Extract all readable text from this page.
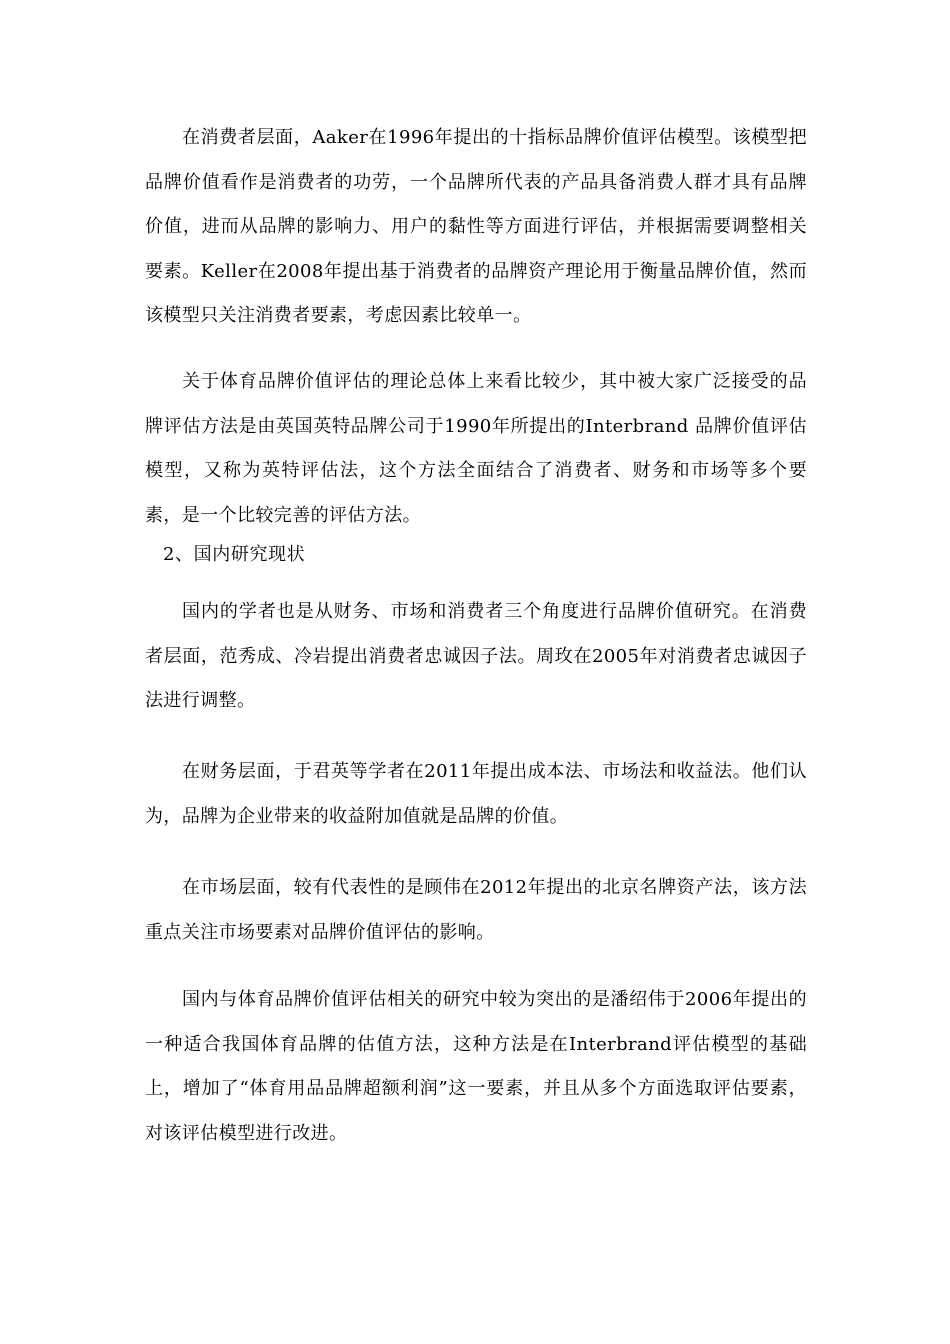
在消费者层面，Aaker在1996年提出的十指标品牌价值评估模型。该模型把品牌价值看作是消费者的功劳，一个品牌所代表的产品具备消费人群才具有品牌价值，进而从品牌的影响力、用户的黏性等方面进行评估，并根据需要调整相关要素。Keller在2008年提出基于消费者的品牌资产理论用于衡量品牌价值，然而该模型只关注消费者要素，考虑因素比较单一。

关于体育品牌价值评估的理论总体上来看比较少，其中被大家广泛接受的品牌评估方法是由英国英特品牌公司于1990年所提出的Interbrand 品牌价值评估模型，又称为英特评估法，这个方法全面结合了消费者、财务和市场等多个要素，是一个比较完善的评估方法。

2、国内研究现状

国内的学者也是从财务、市场和消费者三个角度进行品牌价值研究。在消费者层面，范秀成、冷岩提出消费者忠诚因子法。周玫在2005年对消费者忠诚因子法进行调整。

在财务层面，于君英等学者在2011年提出成本法、市场法和收益法。他们认为，品牌为企业带来的收益附加值就是品牌的价值。

在市场层面，较有代表性的是顾伟在2012年提出的北京名牌资产法，该方法重点关注市场要素对品牌价值评估的影响。

国内与体育品牌价值评估相关的研究中较为突出的是潘绍伟于2006年提出的一种适合我国体育品牌的估值方法，这种方法是在Interbrand评估模型的基础上，增加了“体育用品品牌超额利润”这一要素，并且从多个方面选取评估要素，对该评估模型进行改进。
